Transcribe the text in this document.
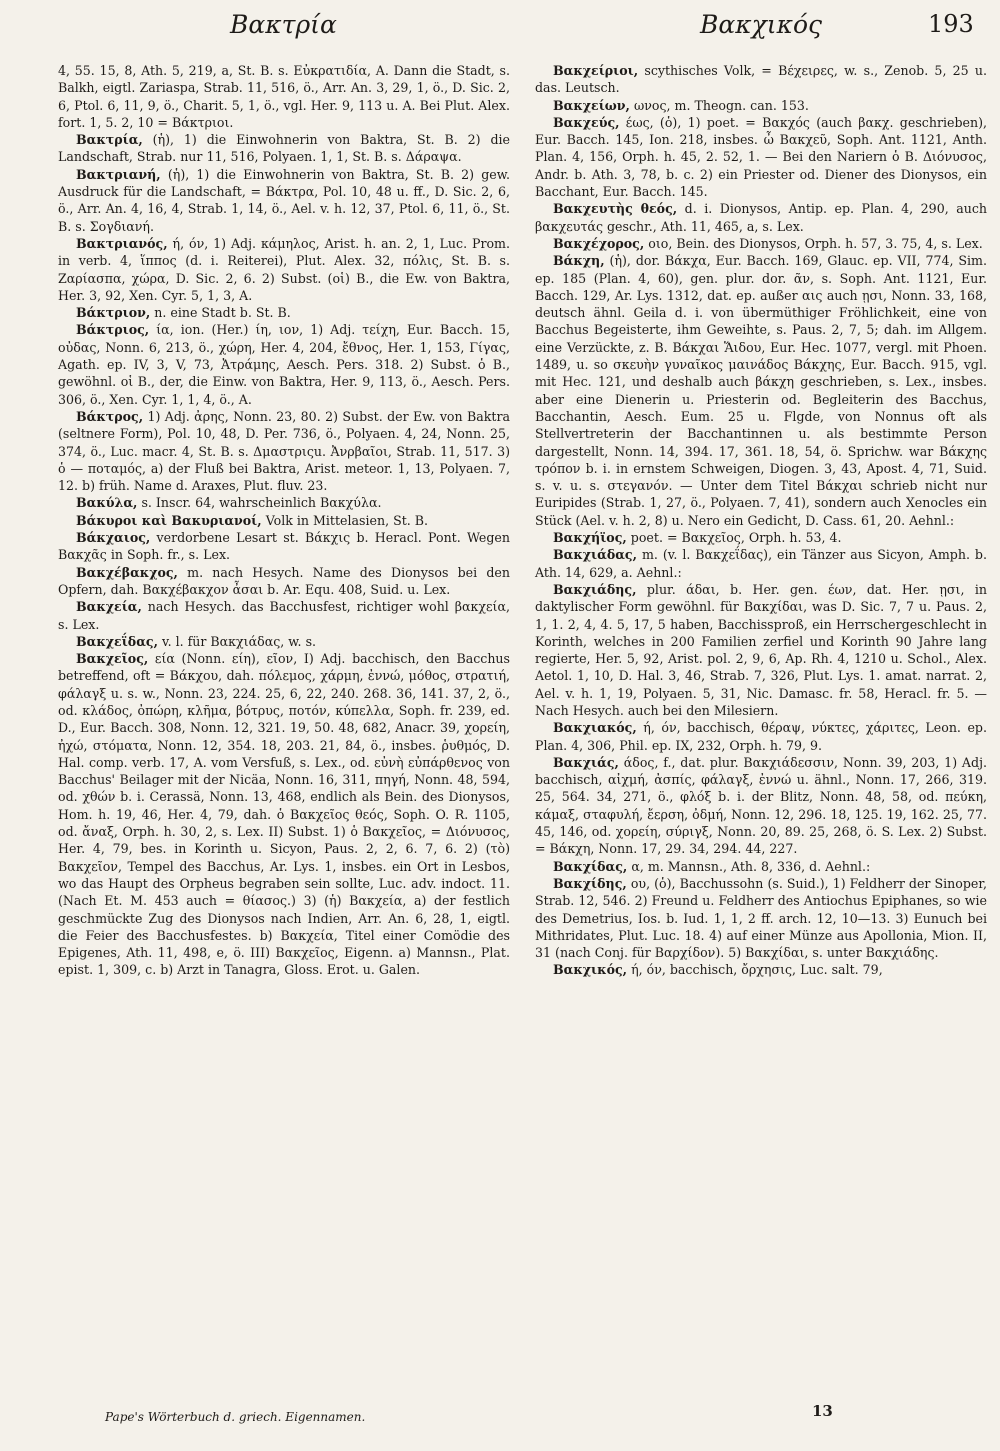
Βακτρία	Βακχικός	193

4, 55. 15, 8, Ath. 5, 219, a, St. B. s. Εὐκρατιδία, A. Dann die Stadt, s. Balkh, eigtl. Zariaspa, Strab. 11, 516, ö., Arr. An. 3, 29, 1, ö., D. Sic. 2, 6, Ptol. 6, 11, 9, ö., Charit. 5, 1, ö., vgl. Her. 9, 113 u. A. Bei Plut. Alex. fort. 1, 5. 2, 10 = Βάκτριοι.

Βακτρία, (ἡ), 1) die Einwohnerin von Baktra, St. B. 2) die Landschaft, Strab. nur 11, 516, Polyaen. 1, 1, St. B. s. Δάραψα.

Βακτριανή, (ἡ), 1) die Einwohnerin von Baktra, St. B. 2) gew. Ausdruck für die Landschaft, = Βάκτρα, Pol. 10, 48 u. ff., D. Sic. 2, 6, ö., Arr. An. 4, 16, 4, Strab. 1, 14, ö., Ael. v. h. 12, 37, Ptol. 6, 11, ö., St. B. s. Σογδιανή.

Βακτριανός, ή, όν, 1) Adj. κάμηλος, Arist. h. an. 2, 1, Luc. Prom. in verb. 4, ἵππος (d. i. Reiterei), Plut. Alex. 32, πόλις, St. B. s. Ζαρίασπα, χώρα, D. Sic. 2, 6. 2) Subst. (οἱ) B., die Ew. von Baktra, Her. 3, 92, Xen. Cyr. 5, 1, 3, A.

Βάκτριον, n. eine Stadt b. St. B.

Βάκτριος, ία, ion. (Her.) ίη, ιον, 1) Adj. τείχη, Eur. Bacch. 15, οὐδας, Nonn. 6, 213, ö., χώρη, Her. 4, 204, ἔθνος, Her. 1, 153, Γίγας, Agath. ep. IV, 3, V, 73, Ἀτράμης, Aesch. Pers. 318. 2) Subst. ὁ B., gewöhnl. οἱ B., der, die Einw. von Baktra, Her. 9, 113, ö., Aesch. Pers. 306, ö., Xen. Cyr. 1, 1, 4, ö., A.

Βάκτρος, 1) Adj. ἀρης, Nonn. 23, 80. 2) Subst. der Ew. von Baktra (seltnere Form), Pol. 10, 48, D. Per. 736, ö., Polyaen. 4, 24, Nonn. 25, 374, ö., Luc. macr. 4, St. B. s. Δμαστριςu. Ἀνρβαῖοι, Strab. 11, 517. 3) ὁ — ποταμός, a) der Fluß bei Baktra, Arist. meteor. 1, 13, Polyaen. 7, 12. b) früh. Name d. Araxes, Plut. fluv. 23.

Βακύλα, s. Inscr. 64, wahrscheinlich Βακχύλα.

Βάκυροι καὶ Βακυριανοί, Volk in Mittelasien, St. B.

Βάκχαιος, verdorbene Lesart st. Βάκχις b. Heracl. Pont. Wegen Βακχᾶς in Soph. fr., s. Lex.

Βακχέβακχος, m. nach Hesych. Name des Dionysos bei den Opfern, dah. Βακχέβακχον ἆσαι b. Ar. Equ. 408, Suid. u. Lex.

Βακχεία, nach Hesych. das Bacchusfest, richtiger wohl βακχεία, s. Lex.

Βακχεΐδας, v. l. für Βακχιάδας, w. s.

Βακχεῖος, εία (Nonn. είη), εῖον, I) Adj. bacchisch, den Bacchus betreffend, oft = Βάκχου, dah. πόλεμος, χάρμη, ἐννώ, μόθος, στρατιή, φάλαγξ u. s. w., Nonn. 23, 224. 25, 6, 22, 240. 268. 36, 141. 37, 2, ö., od. κλάδος, ὀπώρη, κλῆμα, βότρυς, ποτόν, κύπελλα, Soph. fr. 239, ed. D., Eur. Bacch. 308, Nonn. 12, 321. 19, 50. 48, 682, Anacr. 39, χορείη, ἠχώ, στόματα, Nonn. 12, 354. 18, 203. 21, 84, ö., insbes. ῥυθμός, D. Hal. comp. verb. 17, A. vom Versfuß, s. Lex., od. εὐνὴ εὐπάρθενος von Bacchus' Beilager mit der Nicäa, Nonn. 16, 311, πηγή, Nonn. 48, 594, od. χθών b. i. Cerassä, Nonn. 13, 468, endlich als Bein. des Dionysos, Hom. h. 19, 46, Her. 4, 79, dah. ὁ Βακχεῖος θεός, Soph. O. R. 1105, od. ἄναξ, Orph. h. 30, 2, s. Lex. II) Subst. 1) ὁ Βακχεῖος, = Διόνυσος, Her. 4, 79, bes. in Korinth u. Sicyon, Paus. 2, 2, 6. 7, 6. 2) (τὸ) Βακχεῖον, Tempel des Bacchus, Ar. Lys. 1, insbes. ein Ort in Lesbos, wo das Haupt des Orpheus begraben sein sollte, Luc. adv. indoct. 11. (Nach Et. M. 453 auch = θίασος.) 3) (ἡ) Βακχεία, a) der festlich geschmückte Zug des Dionysos nach Indien, Arr. An. 6, 28, 1, eigtl. die Feier des Bacchusfestes. b) Βακχεία, Titel einer Comödie des Epigenes, Ath. 11, 498, e, ö. III) Βακχεῖος, Eigenn. a) Mannsn., Plat. epist. 1, 309, c. b) Arzt in Tanagra, Gloss. Erot. u. Galen.

Βακχείριοι, scythisches Volk, = Βέχειρες, w. s., Zenob. 5, 25 u. das. Leutsch.

Βακχείων, ωνος, m. Theogn. can. 153.

Βακχεύς, έως, (ὁ), 1) poet. = Βακχός (auch βακχ. geschrieben), Eur. Bacch. 145, Ion. 218, insbes. ὦ Βακχεῦ, Soph. Ant. 1121, Anth. Plan. 4, 156, Orph. h. 45, 2. 52, 1. — Bei den Nariern ὁ B. Διόνυσος, Andr. b. Ath. 3, 78, b. c. 2) ein Priester od. Diener des Dionysos, ein Bacchant, Eur. Bacch. 145.

Βακχευτὴς θεός, d. i. Dionysos, Antip. ep. Plan. 4, 290, auch βακχευτάς geschr., Ath. 11, 465, a, s. Lex.

Βακχέχορος, οιο, Bein. des Dionysos, Orph. h. 57, 3. 75, 4, s. Lex.

Βάκχη, (ἡ), dor. Βάκχα, Eur. Bacch. 169, Glauc. ep. VII, 774, Sim. ep. 185 (Plan. 4, 60), gen. plur. dor. ᾶν, s. Soph. Ant. 1121, Eur. Bacch. 129, Ar. Lys. 1312, dat. ep. außer αις auch ῃσι, Nonn. 33, 168, deutsch ähnl. Geila d. i. von übermüthiger Fröhlichkeit, eine von Bacchus Begeisterte, ihm Geweihte, s. Paus. 2, 7, 5; dah. im Allgem. eine Verzückte, z. B. Βάκχαι Ἅιδου, Eur. Hec. 1077, vergl. mit Phoen. 1489, u. so σκευὴν γυναῖκος μαινάδος Βάκχης, Eur. Bacch. 915, vgl. mit Hec. 121, und deshalb auch βάκχη geschrieben, s. Lex., insbes. aber eine Dienerin u. Priesterin od. Begleiterin des Bacchus, Bacchantin, Aesch. Eum. 25 u. Flgde, von Nonnus oft als Stellvertreterin der Bacchantinnen u. als bestimmte Person dargestellt, Nonn. 14, 394. 17, 361. 18, 54, ö. Sprichw. war Βάκχης τρόπον b. i. in ernstem Schweigen, Diogen. 3, 43, Apost. 4, 71, Suid. s. v. u. s. στεγανόν. — Unter dem Titel Βάκχαι schrieb nicht nur Euripides (Strab. 1, 27, ö., Polyaen. 7, 41), sondern auch Xenocles ein Stück (Ael. v. h. 2, 8) u. Nero ein Gedicht, D. Cass. 61, 20. Aehnl.:

Βακχήϊος, poet. = Βακχεῖος, Orph. h. 53, 4.

Βακχιάδας, m. (v. l. Βακχεΐδας), ein Tänzer aus Sicyon, Amph. b. Ath. 14, 629, a. Aehnl.:

Βακχιάδης, plur. άδαι, b. Her. gen. έων, dat. Her. ῃσι, in daktylischer Form gewöhnl. für Βακχίδαι, was D. Sic. 7, 7 u. Paus. 2, 1, 1. 2, 4, 4. 5, 17, 5 haben, Bacchissproß, ein Herrschergeschlecht in Korinth, welches in 200 Familien zerfiel und Korinth 90 Jahre lang regierte, Her. 5, 92, Arist. pol. 2, 9, 6, Ap. Rh. 4, 1210 u. Schol., Alex. Aetol. 1, 10, D. Hal. 3, 46, Strab. 7, 326, Plut. Lys. 1. amat. narrat. 2, Ael. v. h. 1, 19, Polyaen. 5, 31, Nic. Damasc. fr. 58, Heracl. fr. 5. — Nach Hesych. auch bei den Milesiern.

Βακχιακός, ή, όν, bacchisch, θέραψ, νύκτες, χάριτες, Leon. ep. Plan. 4, 306, Phil. ep. IX, 232, Orph. h. 79, 9.

Βακχιάς, άδος, f., dat. plur. Βακχιάδεσσιν, Nonn. 39, 203, 1) Adj. bacchisch, αἰχμή, ἀσπίς, φάλαγξ, ἐννώ u. ähnl., Nonn. 17, 266, 319. 25, 564. 34, 271, ö., φλόξ b. i. der Blitz, Nonn. 48, 58, od. πεύκη, κάμαξ, σταφυλή, ἔερση, ὀδμή, Nonn. 12, 296. 18, 125. 19, 162. 25, 77. 45, 146, od. χορείη, σύριγξ, Nonn. 20, 89. 25, 268, ö. S. Lex. 2) Subst. = Βάκχη, Nonn. 17, 29. 34, 294. 44, 227.

Βακχίδας, α, m. Mannsn., Ath. 8, 336, d. Aehnl.:

Βακχίδης, ου, (ὁ), Bacchussohn (s. Suid.), 1) Feldherr der Sinoper, Strab. 12, 546. 2) Freund u. Feldherr des Antiochus Epiphanes, so wie des Demetrius, Ios. b. Iud. 1, 1, 2 ff. arch. 12, 10—13. 3) Eunuch bei Mithridates, Plut. Luc. 18. 4) auf einer Münze aus Apollonia, Mion. II, 31 (nach Conj. für Βαρχίδον). 5) Βακχίδαι, s. unter Βακχιάδης.

Βακχικός, ή, όν, bacchisch, ὄρχησις, Luc. salt. 79,

Pape's Wörterbuch d. griech. Eigennamen.	13
